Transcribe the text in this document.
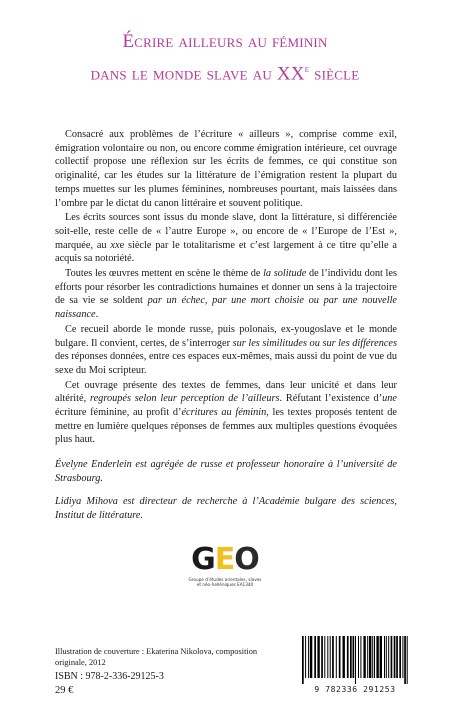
Écrire ailleurs au féminin
dans le monde slave au XXe siècle

Consacré aux problèmes de l’écriture « ailleurs », comprise comme exil, émigration volontaire ou non, ou encore comme émigration intérieure, cet ouvrage collectif propose une réflexion sur les écrits de femmes, ce qui constitue son originalité, car les études sur la littérature de l’émigration restent la plupart du temps muettes sur les plumes féminines, nombreuses pourtant, mais laissées dans l’ombre par le dictat du canon littéraire et souvent politique.

Les écrits sources sont issus du monde slave, dont la littérature, si différenciée soit-elle, reste celle de « l’autre Europe », ou encore de « l’Europe de l’Est », marquée, au xxe siècle par le totalitarisme et c’est largement à ce titre qu’elle a acquis sa notoriété.

Toutes les œuvres mettent en scène le thème de la solitude de l’individu dont les efforts pour résorber les contradictions humaines et donner un sens à la trajectoire de sa vie se soldent par un échec, par une mort choisie ou par une nouvelle naissance.

Ce recueil aborde le monde russe, puis polonais, ex-yougoslave et le monde bulgare. Il convient, certes, de s’interroger sur les similitudes ou sur les différences des réponses données, entre ces espaces eux-mêmes, mais aussi du point de vue du sexe du Moi scripteur.

Cet ouvrage présente des textes de femmes, dans leur unicité et dans leur altérité, regroupés selon leur perception de l’ailleurs. Réfutant l’existence d’une écriture féminine, au profit d’écritures au féminin, les textes proposés tentent de mettre en lumière quelques réponses de femmes aux multiples questions évoquées plus haut.

Évelyne Enderlein est agrégée de russe et professeur honoraire à l’université de Strasbourg.

Lidiya Mihova est directeur de recherche à l’Académie bulgare des sciences, Institut de littérature.

GEO
Groupe d’études orientales, slaves et néo-helléniques EA1340
Illustration de couverture : Ekaterina Nikolova, composition originale, 2012
ISBN : 978-2-336-29125-3
29 €	9 782336 291253
